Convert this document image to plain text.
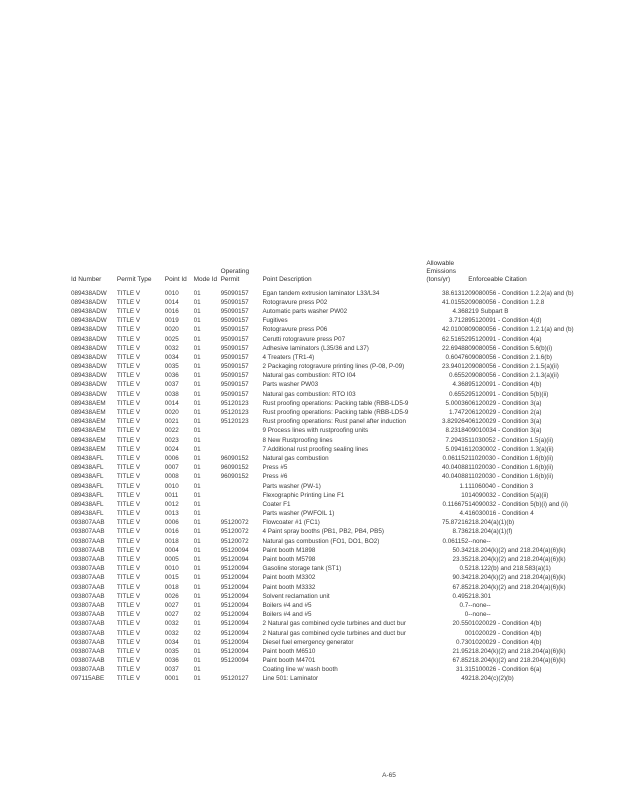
Id Number	Permit Type	Point Id	Mode Id	Operating Permit	Point Description	Allowable Emissions (tons/yr)	Enforceable Citation
089438ADW	TITLE V	0010	01	95090157	Egan tandem extrusion laminator L33/L34	38.61312	09080056 - Condition 1.2.2(a) and (b)
089438ADW	TITLE V	0014	01	95090157	Rotogravure press P02	41.01552	09080056 - Condition 1.2.8
089438ADW	TITLE V	0016	01	95090157	Automatic parts washer PW02	4.368	219 Subpart B
089438ADW	TITLE V	0019	01	95090157	Fugitives	3.7128	95120091 - Condition 4(d)
089438ADW	TITLE V	0020	01	95090157	Rotogravure press P06	42.01008	09080056 - Condition 1.2.1(a) and (b)
089438ADW	TITLE V	0025	01	95090157	Cerutti rotogravure press P07	62.51652	95120091 - Condition 4(a)
089438ADW	TITLE V	0032	01	95090157	Adhesive laminators (L35/36 and L37)	22.69488	09080056 - Condition 5.6(b)(i)
089438ADW	TITLE V	0034	01	95090157	4 Treaters (TR1-4)	0.60476	09080056 - Condition 2.1.6(b)
089438ADW	TITLE V	0035	01	95090157	2 Packaging rotogravure printing lines (P-08, P-09)	23.94012	09080056 - Condition 2.1.5(a)(ii)
089438ADW	TITLE V	0036	01	95090157	Natural gas combustion: RTO I04	0.6552	09080056 - Condition 2.1.3(a)(ii)
089438ADW	TITLE V	0037	01	95090157	Parts washer PW03	4.368	95120091 - Condition 4(b)
089438ADW	TITLE V	0038	01	95090157	Natural gas combustion: RTO I03	0.6552	95120091 - Condition 5(b)(ii)
089438AEM	TITLE V	0014	01	95120123	Rust proofing operations: Packing table (RBB-LD5-9	5.00036	06120029 - Condition 3(a)
089438AEM	TITLE V	0020	01	95120123	Rust proofing operations: Packing table (RBB-LD5-9	1.7472	06120029 - Condition 2(a)
089438AEM	TITLE V	0021	01	95120123	Rust proofing operations: Rust panel after induction	3.829264	06120029 - Condition 3(a)
089438AEM	TITLE V	0022	01		9 Process lines with rustproofing units	8.23184	09010034 - Condition 3(a)
089438AEM	TITLE V	0023	01		8 New Rustproofing lines	7.29435	11030052 - Condition 1.5(a)(ii)
089438AEM	TITLE V	0024	01		7 Additional rust proofing sealing lines	5.09416	12030002 - Condition 1.3(a)(ii)
089438AFL	TITLE V	0006	01	96090152	Natural gas combustion	0.061152	11020030 - Condition 1.6(b)(ii)
089438AFL	TITLE V	0007	01	96090152	Press #5	40.04088	11020030 - Condition 1.6(b)(ii)
089438AFL	TITLE V	0008	01	96090152	Press #6	40.04088	11020030 - Condition 1.6(b)(ii)
089438AFL	TITLE V	0010	01		Parts washer (PW-1)	1.1	11060040 - Condition 3
089438AFL	TITLE V	0011	01		Flexographic Printing Line F1	10	14090032 - Condition 5(a)(ii)
089438AFL	TITLE V	0012	01		Coater F1	0.116675	14090032 - Condition 5(b)(i) and (ii)
089438AFL	TITLE V	0013	01		Parts washer (PWFOIL 1)	4.4	16030016 - Condition 4
093807AAB	TITLE V	0006	01	95120072	Flowcoater #1 (FC1)	75.87216	218.204(a)(1)(b)
093807AAB	TITLE V	0016	01	95120072	4 Paint spray booths (PB1, PB2, PB4, PB5)	8.736	218.204(a)(1)(f)
093807AAB	TITLE V	0018	01	95120072	Natural gas combustion (FO1, DO1, BO2)	0.061152	--none--
093807AAB	TITLE V	0004	01	95120094	Paint booth M1898	50.34	218.204(k)(2) and 218.204(a)(6)(k)
093807AAB	TITLE V	0005	01	95120094	Paint booth M5798	23.35	218.204(k)(2) and 218.204(a)(6)(k)
093807AAB	TITLE V	0010	01	95120094	Gasoline storage tank (ST1)	0.5	218.122(b) and 218.583(a)(1)
093807AAB	TITLE V	0015	01	95120094	Paint booth M3302	90.34	218.204(k)(2) and 218.204(a)(6)(k)
093807AAB	TITLE V	0018	01	95120094	Paint booth M3332	67.85	218.204(k)(2) and 218.204(a)(6)(k)
093807AAB	TITLE V	0026	01	95120094	Solvent reclamation unit	0.495	218.301
093807AAB	TITLE V	0027	01	95120094	Boilers #4 and #5	0.7	--none--
093807AAB	TITLE V	0027	02	95120094	Boilers #4 and #5	0	--none--
093807AAB	TITLE V	0032	01	95120094	2 Natural gas combined cycle turbines and duct bur	20.55	01020029 - Condition 4(b)
093807AAB	TITLE V	0032	02	95120094	2 Natural gas combined cycle turbines and duct bur	0	01020029 - Condition 4(b)
093807AAB	TITLE V	0034	01	95120094	Diesel fuel emergency generator	0.73	01020029 - Condition 4(b)
093807AAB	TITLE V	0035	01	95120094	Paint booth M6510	21.95	218.204(k)(2) and 218.204(a)(6)(k)
093807AAB	TITLE V	0036	01	95120094	Paint booth M4701	67.85	218.204(k)(2) and 218.204(a)(6)(k)
093807AAB	TITLE V	0037	01		Coating line w/ wash booth	31.3	15100026 - Condition 6(a)
097115ABE	TITLE V	0001	01	95120127	Line 501: Laminator	49	218.204(c)(2)(b)
A-65
